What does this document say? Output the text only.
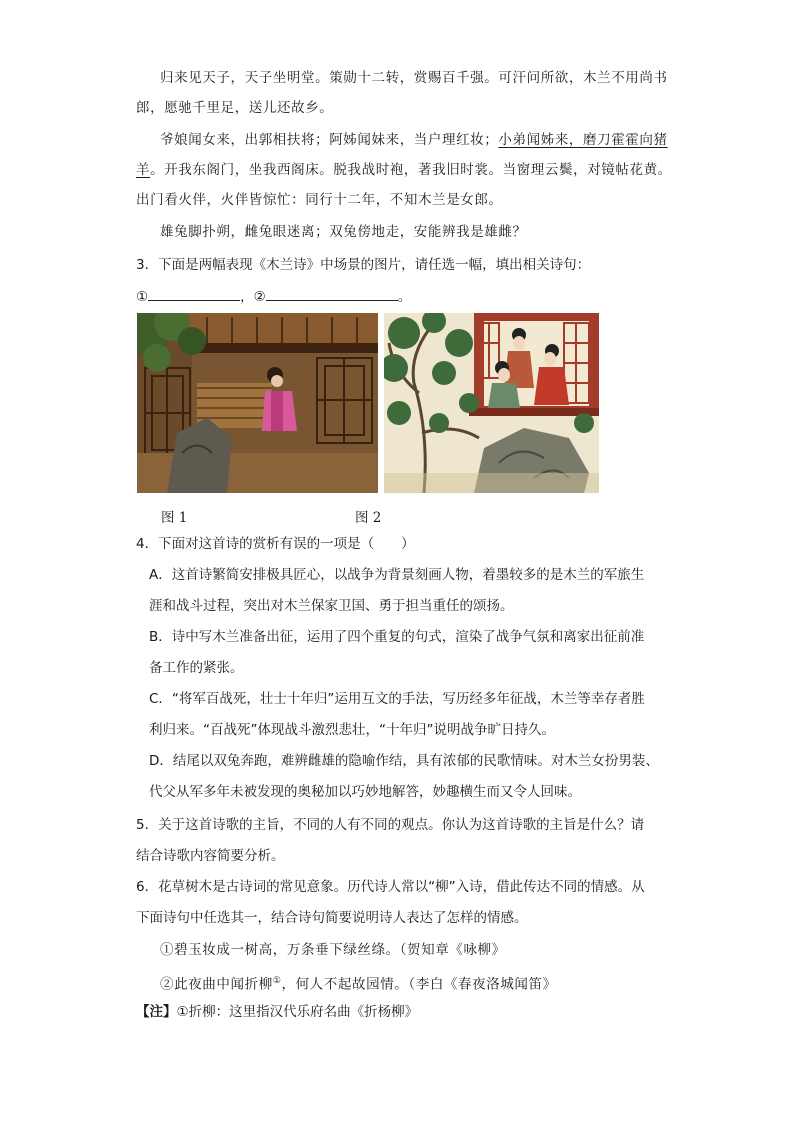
归来见天子，天子坐明堂。策勋十二转，赏赐百千强。可汗问所欲，木兰不用尚书
郎，愿驰千里足，送儿还故乡。
爷娘闻女来，出郭相扶将；阿姊闻妹来，当户理红妆；小弟闻姊来，磨刀霍霍向猪
羊。开我东阁门，坐我西阁床。脱我战时袍，著我旧时裳。当窗理云鬓，对镜帖花黄。
出门看火伴，火伴皆惊忙：同行十二年，不知木兰是女郎。
雄兔脚扑朔，雌兔眼迷离；双兔傍地走，安能辨我是雄雌？
3．下面是两幅表现《木兰诗》中场景的图片，请任选一幅，填出相关诗句：
①	，②	。
图 1	图 2
4．下面对这首诗的赏析有误的一项是（　　）
A．这首诗繁简安排极具匠心，以战争为背景刻画人物，着墨较多的是木兰的军旅生
涯和战斗过程，突出对木兰保家卫国、勇于担当重任的颂扬。
B．诗中写木兰准备出征，运用了四个重复的句式，渲染了战争气氛和离家出征前准
备工作的紧张。
C．“将军百战死，壮士十年归”运用互文的手法，写历经多年征战，木兰等幸存者胜
利归来。“百战死”体现战斗激烈悲壮，“十年归”说明战争旷日持久。
D．结尾以双兔奔跑，难辨雌雄的隐喻作结，具有浓郁的民歌情味。对木兰女扮男装、
代父从军多年未被发现的奥秘加以巧妙地解答，妙趣横生而又令人回味。
5．关于这首诗歌的主旨，不同的人有不同的观点。你认为这首诗歌的主旨是什么？请
结合诗歌内容简要分析。
6．花草树木是古诗词的常见意象。历代诗人常以“柳”入诗，借此传达不同的情感。从
下面诗句中任选其一，结合诗句简要说明诗人表达了怎样的情感。
①碧玉妆成一树高，万条垂下绿丝绦。（贺知章《咏柳》
②此夜曲中闻折柳①，何人不起故园情。（李白《春夜洛城闻笛》
【注】①折柳：这里指汉代乐府名曲《折杨柳》
